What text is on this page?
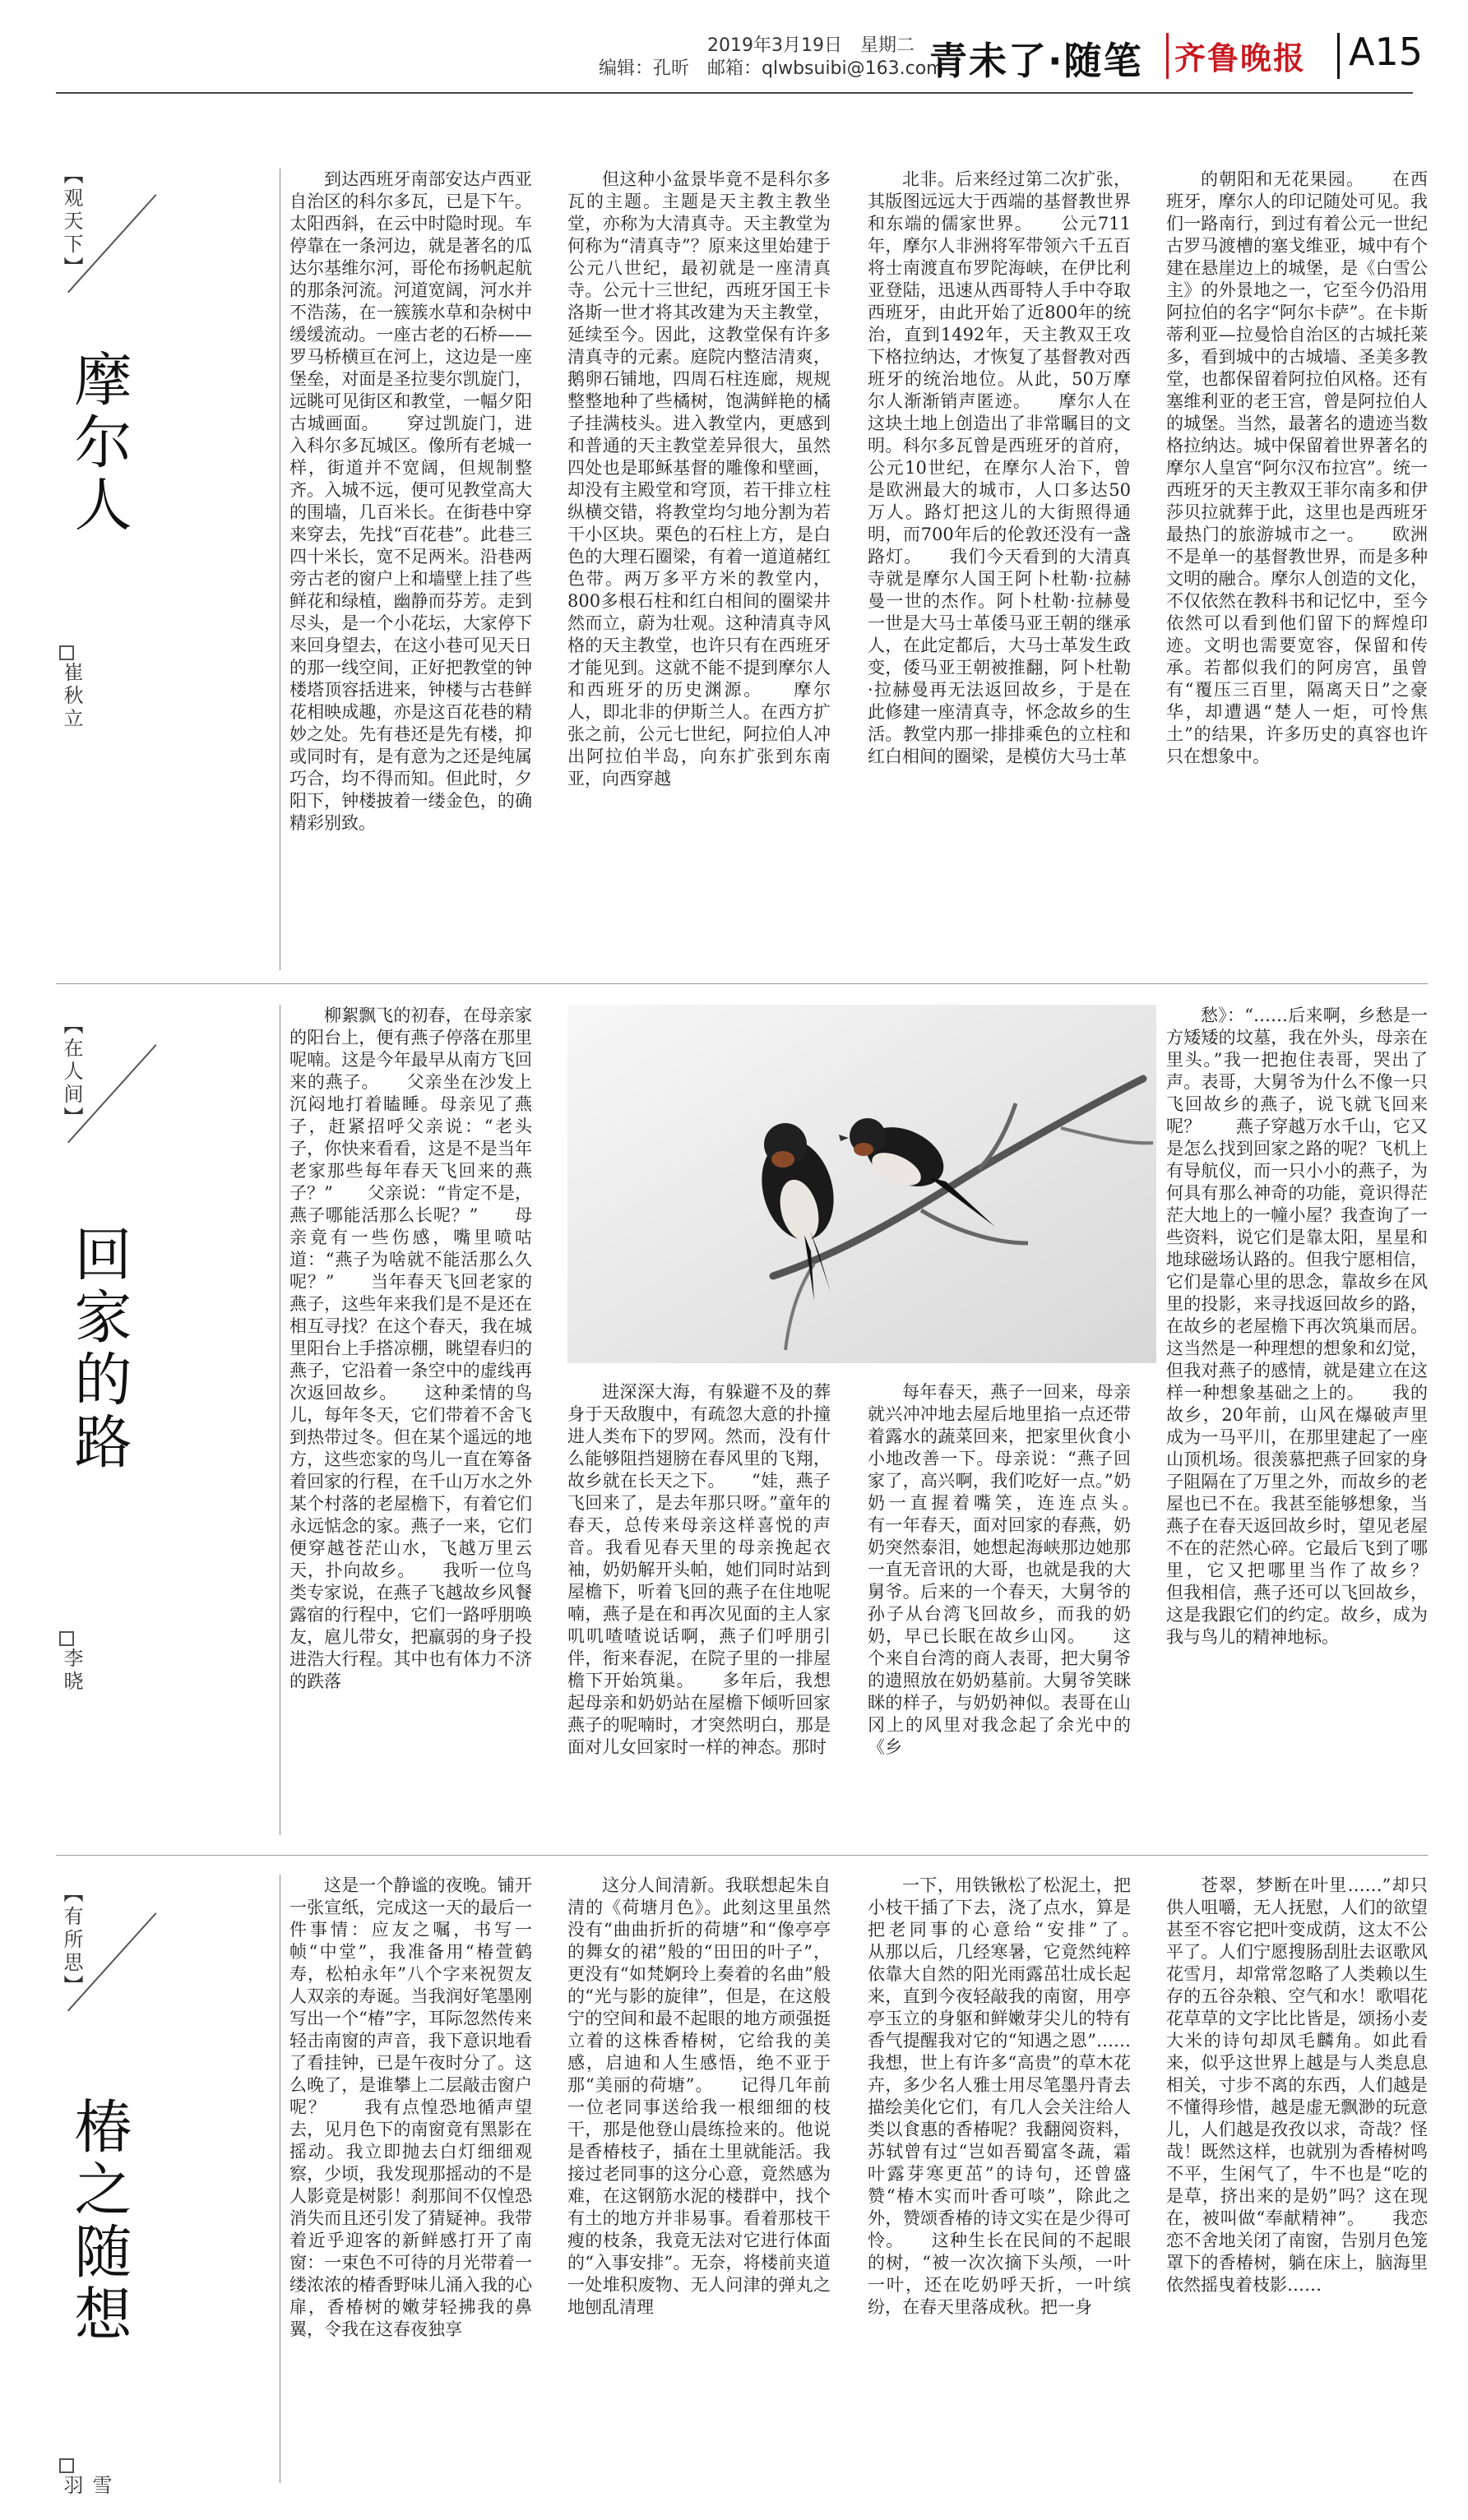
2019年3月19日　星期二
编辑：孔昕　邮箱：qlwbsuibi@163.com
青未了·随笔 齐鲁晚报 A15
【观天下】
摩尔人
崔秋立

到达西班牙南部安达卢西亚自治区的科尔多瓦，已是下午。太阳西斜，在云中时隐时现。车停靠在一条河边，就是著名的瓜达尔基维尔河，哥伦布扬帆起航的那条河流。河道宽阔，河水并不浩荡，在一簇簇水草和杂树中缓缓流动。一座古老的石桥——罗马桥横亘在河上，这边是一座堡垒，对面是圣拉斐尔凯旋门，远眺可见街区和教堂，一幅夕阳古城画面。　　穿过凯旋门，进入科尔多瓦城区。像所有老城一样，街道并不宽阔，但规制整齐。入城不远，便可见教堂高大的围墙，几百米长。在街巷中穿来穿去，先找“百花巷”。此巷三四十米长，宽不足两米。沿巷两旁古老的窗户上和墙壁上挂了些鲜花和绿植，幽静而芬芳。走到尽头，是一个小花坛，大家停下来回身望去，在这小巷可见天日的那一线空间，正好把教堂的钟楼塔顶容括进来，钟楼与古巷鲜花相映成趣，亦是这百花巷的精妙之处。先有巷还是先有楼，抑或同时有，是有意为之还是纯属巧合，均不得而知。但此时，夕阳下，钟楼披着一缕金色，的确精彩别致。

但这种小盆景毕竟不是科尔多瓦的主题。主题是天主教主教坐堂，亦称为大清真寺。天主教堂为何称为“清真寺”？原来这里始建于公元八世纪，最初就是一座清真寺。公元十三世纪，西班牙国王卡洛斯一世才将其改建为天主教堂，延续至今。因此，这教堂保有许多清真寺的元素。庭院内整洁清爽，鹅卵石铺地，四周石柱连廊，规规整整地种了些橘树，饱满鲜艳的橘子挂满枝头。进入教堂内，更感到和普通的天主教堂差异很大，虽然四处也是耶稣基督的雕像和壁画，却没有主殿堂和穹顶，若干排立柱纵横交错，将教堂均匀地分割为若干小区块。栗色的石柱上方，是白色的大理石圈梁，有着一道道赭红色带。两万多平方米的教堂内，800多根石柱和红白相间的圈梁井然而立，蔚为壮观。这种清真寺风格的天主教堂，也许只有在西班牙才能见到。这就不能不提到摩尔人和西班牙的历史渊源。　　摩尔人，即北非的伊斯兰人。在西方扩张之前，公元七世纪，阿拉伯人冲出阿拉伯半岛，向东扩张到东南亚，向西穿越

北非。后来经过第二次扩张，其版图远远大于西端的基督教世界和东端的儒家世界。　　公元711年，摩尔人非洲将军带领六千五百将士南渡直布罗陀海峡，在伊比利亚登陆，迅速从西哥特人手中夺取西班牙，由此开始了近800年的统治，直到1492年，天主教双王攻下格拉纳达，才恢复了基督教对西班牙的统治地位。从此，50万摩尔人渐渐销声匿迹。　　摩尔人在这块土地上创造出了非常瞩目的文明。科尔多瓦曾是西班牙的首府，公元10世纪，在摩尔人治下，曾是欧洲最大的城市，人口多达50万人。路灯把这儿的大街照得通明，而700年后的伦敦还没有一盏路灯。　　我们今天看到的大清真寺就是摩尔人国王阿卜杜勒·拉赫曼一世的杰作。阿卜杜勒·拉赫曼一世是大马士革倭马亚王朝的继承人，在此定都后，大马士革发生政变，倭马亚王朝被推翻，阿卜杜勒·拉赫曼再无法返回故乡，于是在此修建一座清真寺，怀念故乡的生活。教堂内那一排排乘色的立柱和红白相间的圈梁，是模仿大马士革

的朝阳和无花果园。　　在西班牙，摩尔人的印记随处可见。我们一路南行，到过有着公元一世纪古罗马渡槽的塞戈维亚，城中有个建在悬崖边上的城堡，是《白雪公主》的外景地之一，它至今仍沿用阿拉伯的名字“阿尔卡萨”。在卡斯蒂利亚—拉曼恰自治区的古城托莱多，看到城中的古城墙、圣美多教堂，也都保留着阿拉伯风格。还有塞维利亚的老王宫，曾是阿拉伯人的城堡。当然，最著名的遗迹当数格拉纳达。城中保留着世界著名的摩尔人皇宫“阿尔汉布拉宫”。统一西班牙的天主教双王菲尔南多和伊莎贝拉就葬于此，这里也是西班牙最热门的旅游城市之一。　　欧洲不是单一的基督教世界，而是多种文明的融合。摩尔人创造的文化，不仅依然在教科书和记忆中，至今依然可以看到他们留下的辉煌印迹。文明也需要宽容，保留和传承。若都似我们的阿房宫，虽曾有“覆压三百里，隔离天日”之豪华，却遭遇“楚人一炬，可怜焦土”的结果，许多历史的真容也许只在想象中。

【在人间】
回家的路
李晓

柳絮飘飞的初春，在母亲家的阳台上，便有燕子停落在那里呢喃。这是今年最早从南方飞回来的燕子。　　父亲坐在沙发上沉闷地打着瞌睡。母亲见了燕子，赶紧招呼父亲说：“老头子，你快来看看，这是不是当年老家那些每年春天飞回来的燕子？”　　父亲说：“肯定不是，燕子哪能活那么长呢？”　　母亲竟有一些伤感，嘴里喷咕道：“燕子为啥就不能活那么久呢？”　　当年春天飞回老家的燕子，这些年来我们是不是还在相互寻找？在这个春天，我在城里阳台上手搭凉棚，眺望春归的燕子，它沿着一条空中的虚线再次返回故乡。　　这种柔情的鸟儿，每年冬天，它们带着不舍飞到热带过冬。但在某个遥远的地方，这些恋家的鸟儿一直在筹备着回家的行程，在千山万水之外某个村落的老屋檐下，有着它们永远惦念的家。燕子一来，它们便穿越苍茫山水，飞越万里云天，扑向故乡。　　我听一位鸟类专家说，在燕子飞越故乡风餐露宿的行程中，它们一路呼朋唤友，扈儿带女，把羸弱的身子投进浩大行程。其中也有体力不济的跌落

进深深大海，有躲避不及的葬身于天敌腹中，有疏忽大意的扑撞进人类布下的罗网。然而，没有什么能够阻挡翅膀在春风里的飞翔，故乡就在长天之下。　　“娃，燕子飞回来了，是去年那只呀。”童年的春天，总传来母亲这样喜悦的声音。我看见春天里的母亲挽起衣袖，奶奶解开头帕，她们同时站到屋檐下，听着飞回的燕子在住地呢喃，燕子是在和再次见面的主人家叽叽喳喳说话啊，燕子们呼朋引伴，衔来春泥，在院子里的一排屋檐下开始筑巢。　　多年后，我想起母亲和奶奶站在屋檐下倾听回家燕子的呢喃时，才突然明白，那是面对儿女回家时一样的神态。那时

每年春天，燕子一回来，母亲就兴冲冲地去屋后地里掐一点还带着露水的蔬菜回来，把家里伙食小小地改善一下。母亲说：“燕子回家了，高兴啊，我们吃好一点。”奶奶一直握着嘴笑，连连点头。　　有一年春天，面对回家的春燕，奶奶突然泰泪，她想起海峡那边她那一直无音讯的大哥，也就是我的大舅爷。后来的一个春天，大舅爷的孙子从台湾飞回故乡，而我的奶奶，早已长眠在故乡山冈。　　这个来自台湾的商人表哥，把大舅爷的遗照放在奶奶墓前。大舅爷笑眯眯的样子，与奶奶神似。表哥在山冈上的风里对我念起了余光中的《乡

愁》：“……后来啊，乡愁是一方矮矮的坟墓，我在外头，母亲在里头。”我一把抱住表哥，哭出了声。表哥，大舅爷为什么不像一只飞回故乡的燕子，说飞就飞回来呢？　　燕子穿越万水千山，它又是怎么找到回家之路的呢？飞机上有导航仪，而一只小小的燕子，为何具有那么神奇的功能，竟识得茫茫大地上的一幢小屋？我查询了一些资料，说它们是靠太阳，星星和地球磁场认路的。但我宁愿相信，它们是靠心里的思念，靠故乡在风里的投影，来寻找返回故乡的路，在故乡的老屋檐下再次筑巢而居。这当然是一种理想的想象和幻觉，但我对燕子的感情，就是建立在这样一种想象基础之上的。　　我的故乡，20年前，山风在爆破声里成为一马平川，在那里建起了一座山顶机场。很羡慕把燕子回家的身子阻隔在了万里之外，而故乡的老屋也已不在。我甚至能够想象，当燕子在春天返回故乡时，望见老屋不在的茫然心碎。它最后飞到了哪里，它又把哪里当作了故乡？　　但我相信，燕子还可以飞回故乡，这是我跟它们的约定。故乡，成为我与鸟儿的精神地标。

【有所思】
椿之随想
雪羽

这是一个静谧的夜晚。铺开一张宣纸，完成这一天的最后一件事情：应友之嘱，书写一帧“中堂”，我准备用“椿萱鹤寿，松柏永年”八个字来祝贺友人双亲的寿诞。当我润好笔墨刚写出一个“椿”字，耳际忽然传来轻击南窗的声音，我下意识地看了看挂钟，已是午夜时分了。这么晚了，是谁攀上二层敲击窗户呢？　　我有点惶恐地循声望去，见月色下的南窗竟有黑影在摇动。我立即抛去白灯细细观察，少顷，我发现那摇动的不是人影竟是树影！刹那间不仅惶恐消失而且还引发了猜疑神。我带着近乎迎客的新鲜感打开了南窗：一束色不可待的月光带着一缕浓浓的椿香野味儿涌入我的心扉，香椿树的嫩芽轻拂我的鼻翼，令我在这春夜独享

这分人间清新。我联想起朱自清的《荷塘月色》。此刻这里虽然没有“曲曲折折的荷塘”和“像亭亭的舞女的裙”般的“田田的叶子”，更没有“如梵婀玲上奏着的名曲”般的“光与影的旋律”，但是，在这般宁的空间和最不起眼的地方顽强挺立着的这株香椿树，它给我的美感，启迪和人生感悟，绝不亚于那“美丽的荷塘”。　　记得几年前一位老同事送给我一根细细的枝干，那是他登山晨练捡来的。他说是香椿枝子，插在土里就能活。我接过老同事的这分心意，竟然感为难，在这钢筋水泥的楼群中，找个有土的地方并非易事。看着那枝干瘦的枝条，我竟无法对它进行体面的“入事安排”。无奈，将楼前夹道一处堆积废物、无人问津的弹丸之地刨乱清理

一下，用铁锹松了松泥土，把小枝干插了下去，浇了点水，算是把老同事的心意给“安排”了。　　从那以后，几经寒暑，它竟然纯粹依靠大自然的阳光雨露茁壮成长起来，直到今夜轻敲我的南窗，用亭亭玉立的身躯和鲜嫩芽尖儿的特有香气提醒我对它的“知遇之恩”……我想，世上有许多“高贵”的草木花卉，多少名人雅士用尽笔墨丹青去描绘美化它们，有几人会关注给人类以食惠的香椿呢？我翻阅资料，苏轼曾有过“岂如吾蜀富冬蔬，霜叶露芽寒更茁”的诗句，还曾盛赞“椿木实而叶香可啖”，除此之外，赞颂香椿的诗文实在是少得可怜。　　这种生长在民间的不起眼的树，“被一次次摘下头颅，一叶一叶，还在吃奶呼天折，一叶缤纷，在春天里落成秋。把一身

苍翠，梦断在叶里……”却只供人咀嚼，无人抚慰，人们的欲望甚至不容它把叶变成荫，这太不公平了。人们宁愿搜肠刮肚去讴歌风花雪月，却常常忽略了人类赖以生存的五谷杂粮、空气和水！歌唱花花草草的文字比比皆是，颂扬小麦大米的诗句却凤毛麟角。如此看来，似乎这世界上越是与人类息息相关，寸步不离的东西，人们越是不懂得珍惜，越是虚无飘渺的玩意儿，人们越是孜孜以求，奇哉？怪哉！既然这样，也就别为香椿树鸣不平，生闲气了，牛不也是“吃的是草，挤出来的是奶”吗？这在现在，被叫做“奉献精神”。　　我恋恋不舍地关闭了南窗，告别月色笼罩下的香椿树，躺在床上，脑海里依然摇曳着枝影……
